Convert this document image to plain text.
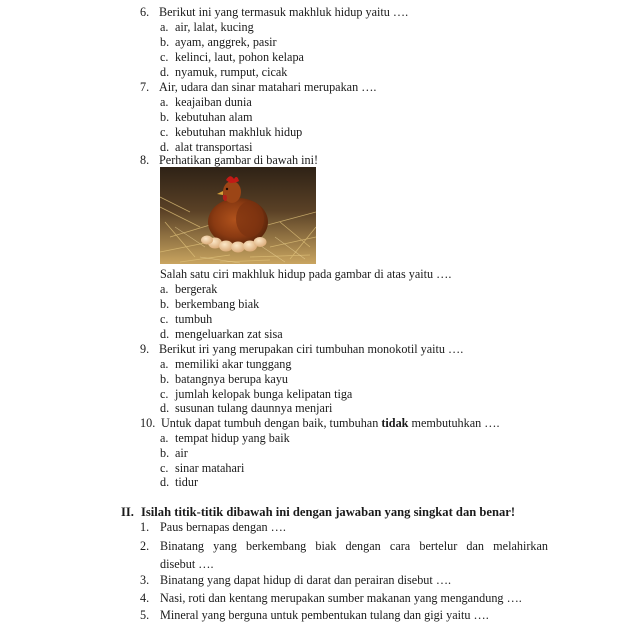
6. Berikut ini yang termasuk makhluk hidup yaitu ….
a. air, lalat, kucing
b. ayam, anggrek, pasir
c. kelinci, laut, pohon kelapa
d. nyamuk, rumput, cicak
7. Air, udara dan sinar matahari merupakan ….
a. keajaiban dunia
b. kebutuhan alam
c. kebutuhan makhluk hidup
d. alat transportasi
8. Perhatikan gambar di bawah ini!
Salah satu ciri makhluk hidup pada gambar di atas yaitu ….
a. bergerak
b. berkembang biak
c. tumbuh
d. mengeluarkan zat sisa
9. Berikut iri yang merupakan ciri tumbuhan monokotil yaitu ….
a. memiliki akar tunggang
b. batangnya berupa kayu
c. jumlah kelopak bunga kelipatan tiga
d. susunan tulang daunnya menjari
10. Untuk dapat tumbuh dengan baik, tumbuhan tidak membutuhkan ….
a. tempat hidup yang baik
b. air
c. sinar matahari
d. tidur
II. Isilah titik-titik dibawah ini dengan jawaban yang singkat dan benar!
1. Paus bernapas dengan ….
2. Binatang yang berkembang biak dengan cara bertelur dan melahirkan
disebut ….
3. Binatang yang dapat hidup di darat dan perairan disebut ….
4. Nasi, roti dan kentang merupakan sumber makanan yang mengandung ….
5. Mineral yang berguna untuk pembentukan tulang dan gigi yaitu ….
